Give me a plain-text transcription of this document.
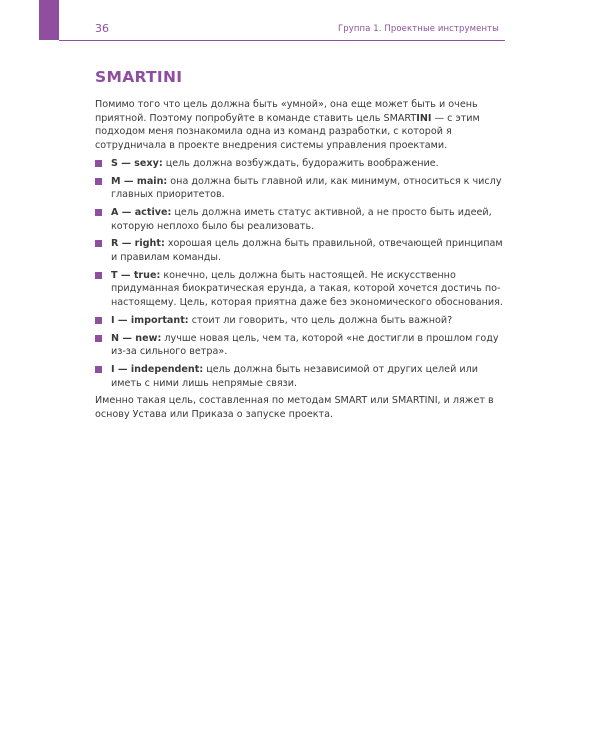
36	Группа 1. Проектные инструменты
SMARTINI

Помимо того что цель должна быть «умной», она еще может быть и очень приятной. Поэтому попробуйте в команде ставить цель SMARTINI — с этим подходом меня познакомила одна из команд разработки, с которой я сотрудничала в проекте внедрения системы управления проектами.

S — sexy: цель должна возбуждать, будоражить воображение.
M — main: она должна быть главной или, как минимум, относиться к числу главных приоритетов.
A — active: цель должна иметь статус активной, а не просто быть идеей, которую неплохо было бы реализовать.
R — right: хорошая цель должна быть правильной, отвечающей принципам и правилам команды.
T — true: конечно, цель должна быть настоящей. Не искусственно придуманная биократическая ерунда, а такая, которой хочется достичь по-настоящему. Цель, которая приятна даже без экономического обоснования.
I — important: стоит ли говорить, что цель должна быть важной?
N — new: лучше новая цель, чем та, которой «не достигли в прошлом году из-за сильного ветра».
I — independent: цель должна быть независимой от других целей или иметь с ними лишь непрямые связи.

Именно такая цель, составленная по методам SMART или SMARTINI, и ляжет в основу Устава или Приказа о запуске проекта.
